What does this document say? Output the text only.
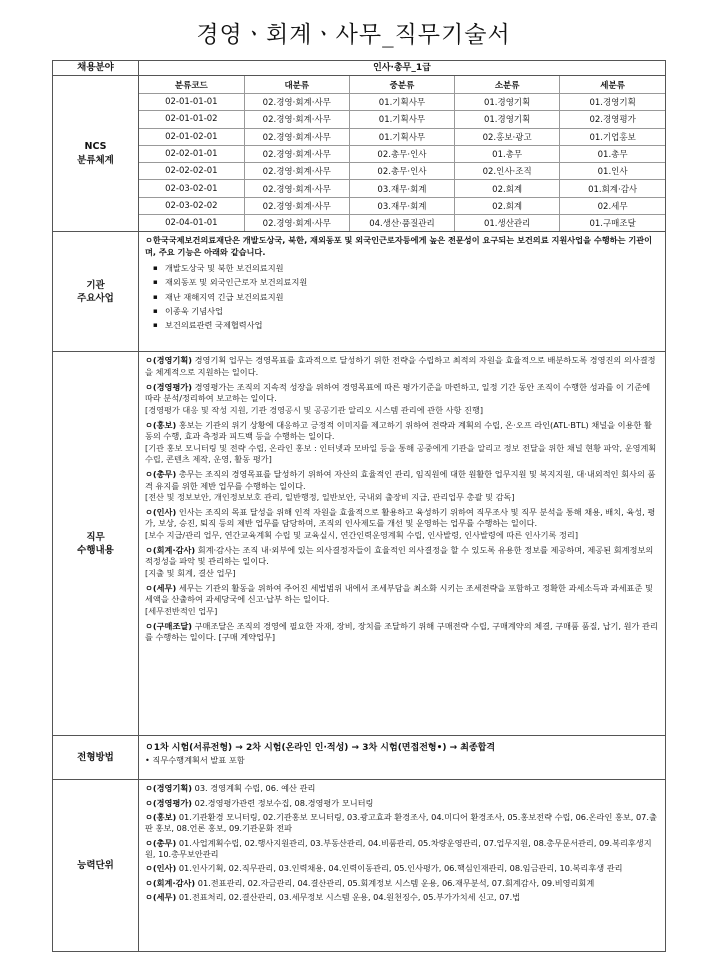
경영ㆍ회계ㆍ사무_직무기술서
채용분야	인사·총무_1급

NCS
분류체계

분류코드	대분류	중분류	소분류	세분류
02-01-01-01	02.경영·회계·사무	01.기획사무	01.경영기획	01.경영기획
02-01-01-02	02.경영·회계·사무	01.기획사무	01.경영기획	02.경영평가
02-01-02-01	02.경영·회계·사무	01.기획사무	02.홍보·광고	01.기업홍보
02-02-01-01	02.경영·회계·사무	02.총무·인사	01.총무	01.총무
02-02-02-01	02.경영·회계·사무	02.총무·인사	02.인사·조직	01.인사
02-03-02-01	02.경영·회계·사무	03.재무·회계	02.회계	01.회계·감사
02-03-02-02	02.경영·회계·사무	03.재무·회계	02.회계	02.세무
02-04-01-01	02.경영·회계·사무	04.생산·품질관리	01.생산관리	01.구매조달

기관
주요사업

ㅇ한국국제보건의료재단은 개발도상국, 북한, 재외동포 및 외국인근로자등에게 높은 전문성이 요구되는 보건의료 지원사업을 수행하는 기관이며, 주요 기능은 아래와 같습니다.
▪ 개발도상국 및 북한 보건의료지원
▪ 재외동포 및 외국인근로자 보건의료지원
▪ 재난 재해지역 긴급 보건의료지원
▪ 이종욱 기념사업
▪ 보건의료관련 국제협력사업

직무
수행내용

ㅇ(경영기획) 경영기획 업무는 경영목표를 효과적으로 달성하기 위한 전략을 수립하고 최적의 자원을 효율적으로 배분하도록 경영진의 의사결정을 체계적으로 지원하는 일이다.
ㅇ(경영평가) 경영평가는 조직의 지속적 성장을 위하여 경영목표에 따른 평가기준을 마련하고, 일정 기간 동안 조직이 수행한 성과를 이 기준에 따라 분석/정리하여 보고하는 일이다.
[경영평가 대응 및 작성 지원, 기관 경영공시 및 공공기관 알리오 시스템 관리에 관한 사항 진행]
ㅇ(홍보) 홍보는 기관의 위기 상황에 대응하고 긍정적 이미지를 제고하기 위하여 전략과 계획의 수립, 온·오프 라인(ATL·BTL) 채널을 이용한 활동의 수행, 효과 측정과 피드백 등을 수행하는 일이다.
[기관 홍보 모니터링 및 전략 수립, 온라인 홍보 : 인터넷과 모바일 등을 통해 공중에게 기관을 알리고 정보 전달을 위한 채널 현황 파악, 운영계획 수립, 콘텐츠 제작, 운영, 활동 평가]
ㅇ(총무) 총무는 조직의 경영목표를 달성하기 위하여 자산의 효율적인 관리, 임직원에 대한 원활한 업무지원 및 복지지원, 대·내외적인 회사의 품격 유지를 위한 제반 업무를 수행하는 일이다.
[전산 및 정보보안, 개인정보보호 관리, 일반행정, 일반보안, 국내외 출장비 지급, 관리업무 총괄 및 감독]
ㅇ(인사) 인사는 조직의 목표 달성을 위해 인적 자원을 효율적으로 활용하고 육성하기 위하여 직무조사 및 직무 분석을 통해 채용, 배치, 육성, 평가, 보상, 승진, 퇴직 등의 제반 업무를 담당하며, 조직의 인사제도를 개선 및 운영하는 업무를 수행하는 일이다.
[보수 지급/관리 업무, 연간교육계획 수립 및 교육실시, 연간인력운영계획 수립, 인사발령, 인사발령에 따른 인사기록 정리]
ㅇ(회계·감사) 회계·감사는 조직 내·외부에 있는 의사결정자들이 효율적인 의사결정을 할 수 있도록 유용한 정보를 제공하며, 제공된 회계정보의 적정성을 파악 및 관리하는 일이다.
[지출 및 회계, 결산 업무]
ㅇ(세무) 세무는 기관의 활동을 위하여 주어진 세법범위 내에서 조세부담을 최소화 시키는 조세전략을 포함하고 정확한 과세소득과 과세표준 및 세액을 산출하여 과세당국에 신고·납부 하는 일이다.
[세무전반적인 업무]
ㅇ(구매조달) 구매조달은 조직의 경영에 필요한 자재, 장비, 장치를 조달하기 위해 구매전략 수립, 구매계약의 체결, 구매품 품질, 납기, 원가 관리를 수행하는 일이다. [구매 계약업무]

전형방법	
ㅇ1차 시험(서류전형) → 2차 시험(온라인 인·적성) → 3차 시험(면접전형•) → 최종합격
• 직무수행계획서 발표 포함

능력단위	
ㅇ(경영기획) 03. 경영계획 수립, 06. 예산 관리
ㅇ(경영평가) 02.경영평가관련 정보수집, 08.경영평가 모니터링
ㅇ(홍보) 01.기관환경 모니터링, 02.기관홍보 모니터링, 03.광고효과 환경조사, 04.미디어 환경조사, 05.홍보전략 수립, 06.온라인 홍보, 07.출판 홍보, 08.언론 홍보, 09.기관문화 전파
ㅇ(총무) 01.사업계획수립, 02.행사지원관리, 03.부동산관리, 04.비품관리, 05.차량운영관리, 07.업무지원, 08.총무문서관리, 09.복리후생지원, 10.총무보안관리
ㅇ(인사) 01.인사기획, 02.직무관리, 03.인력채용, 04.인력이동관리, 05.인사평가, 06.핵심인재관리, 08.임금관리, 10.복리후생 관리
ㅇ(회계·감사) 01.전표관리, 02.자금관리, 04.결산관리, 05.회계정보 시스템 운용, 06.재무분석, 07.회계감사, 09.비영리회계
ㅇ(세무) 01.전표처리, 02.결산관리, 03.세무정보 시스템 운용, 04.원천징수, 05.부가가치세 신고, 07.법
